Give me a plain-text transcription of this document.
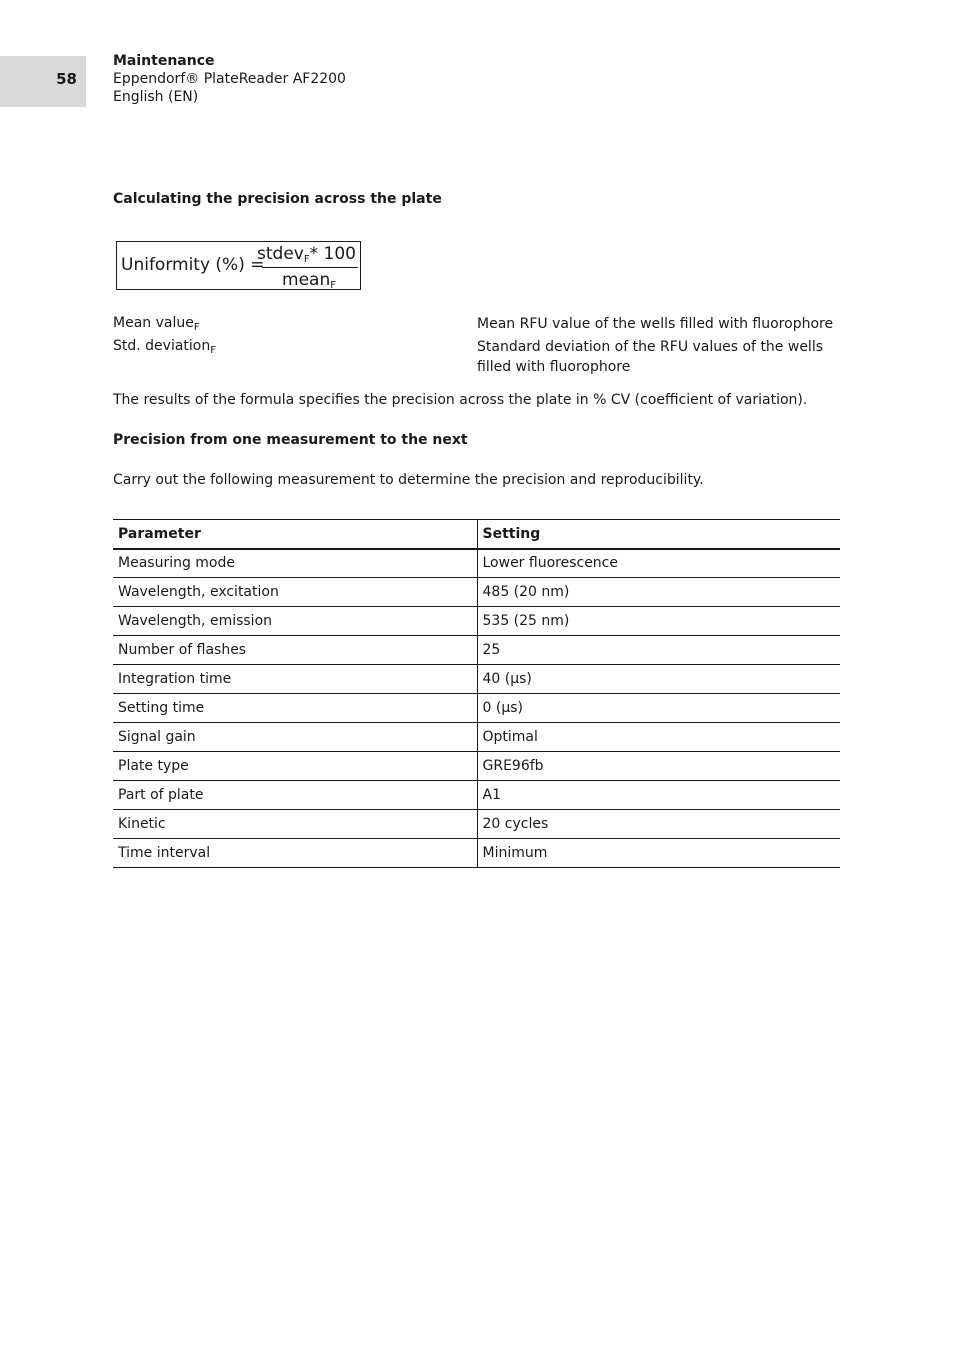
58
Maintenance
Eppendorf® PlateReader AF2200
English (EN)
Calculating the precision across the plate
Uniformity (%) =
stdev$_F$* 100
mean$_F$
Mean value$_F$	Mean RFU value of the wells filled with fluorophore
Std. deviation$_F$	Standard deviation of the RFU values of the wells filled with fluorophore
The results of the formula specifies the precision across the plate in % CV (coefficient of variation).
Precision from one measurement to the next
Carry out the following measurement to determine the precision and reproducibility.
Parameter	Setting
Measuring mode	Lower fluorescence
Wavelength, excitation	485 (20 nm)
Wavelength, emission	535 (25 nm)
Number of flashes	25
Integration time	40 (µs)
Setting time	0 (µs)
Signal gain	Optimal
Plate type	GRE96fb
Part of plate	A1
Kinetic	20 cycles
Time interval	Minimum
